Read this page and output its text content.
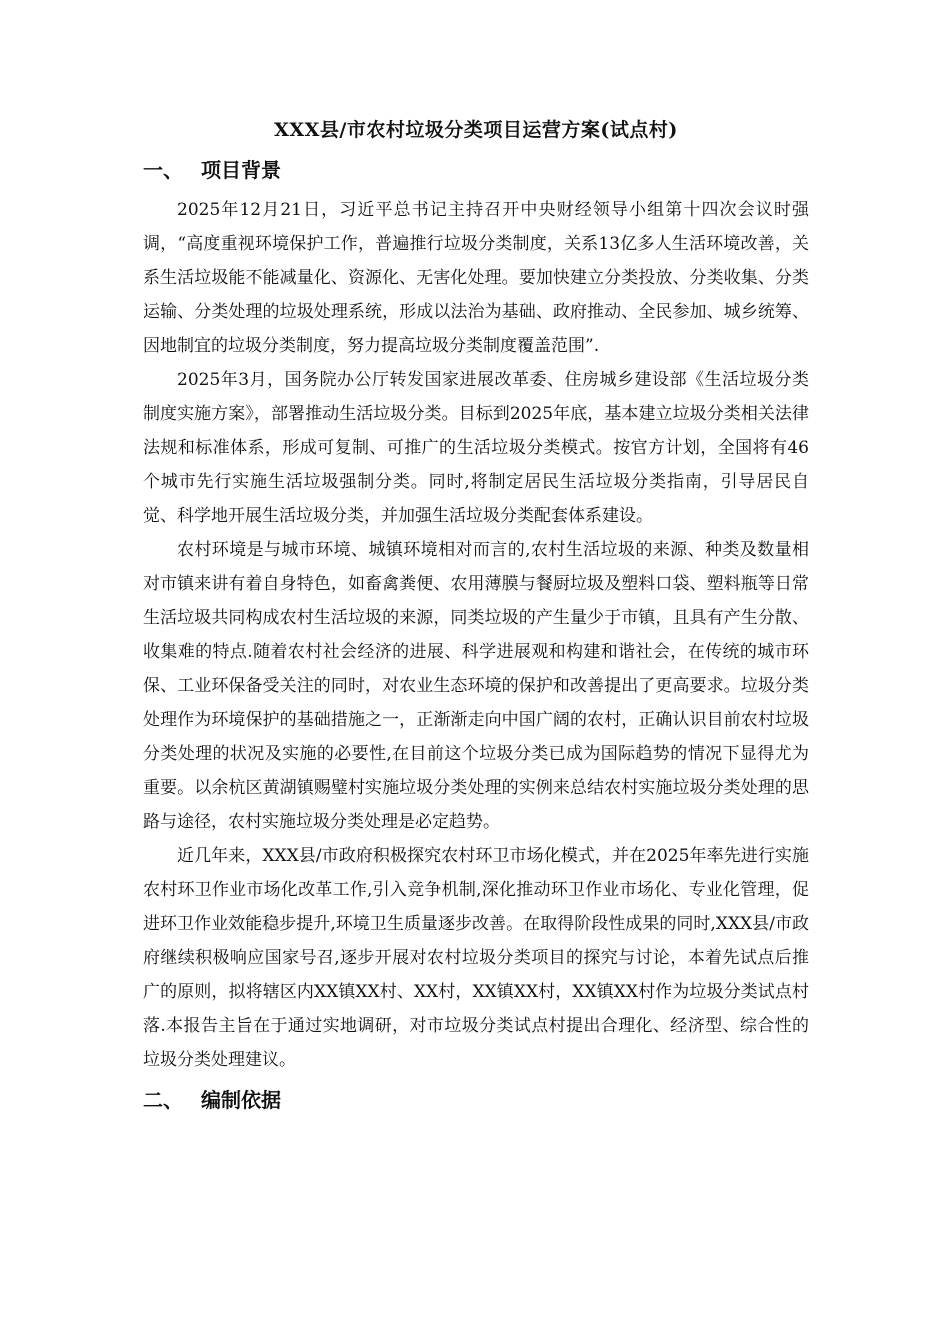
XXX县/市农村垃圾分类项目运营方案(试点村)
一、 项目背景

2025年12月21日，习近平总书记主持召开中央财经领导小组第十四次会议时强调，“高度重视环境保护工作，普遍推行垃圾分类制度，关系13亿多人生活环境改善，关系生活垃圾能不能减量化、资源化、无害化处理。要加快建立分类投放、分类收集、分类运输、分类处理的垃圾处理系统，形成以法治为基础、政府推动、全民参加、城乡统筹、因地制宜的垃圾分类制度，努力提高垃圾分类制度覆盖范围”.

2025年3月，国务院办公厅转发国家进展改革委、住房城乡建设部《生活垃圾分类制度实施方案》，部署推动生活垃圾分类。目标到2025年底，基本建立垃圾分类相关法律法规和标准体系，形成可复制、可推广的生活垃圾分类模式。按官方计划，全国将有46个城市先行实施生活垃圾强制分类。同时,将制定居民生活垃圾分类指南，引导居民自觉、科学地开展生活垃圾分类，并加强生活垃圾分类配套体系建设。

农村环境是与城市环境、城镇环境相对而言的,农村生活垃圾的来源、种类及数量相对市镇来讲有着自身特色，如畜禽粪便、农用薄膜与餐厨垃圾及塑料口袋、塑料瓶等日常生活垃圾共同构成农村生活垃圾的来源，同类垃圾的产生量少于市镇，且具有产生分散、收集难的特点.随着农村社会经济的进展、科学进展观和构建和谐社会，在传统的城市环保、工业环保备受关注的同时，对农业生态环境的保护和改善提出了更高要求。垃圾分类处理作为环境保护的基础措施之一，正渐渐走向中国广阔的农村，正确认识目前农村垃圾分类处理的状况及实施的必要性,在目前这个垃圾分类已成为国际趋势的情况下显得尤为重要。以余杭区黄湖镇赐璧村实施垃圾分类处理的实例来总结农村实施垃圾分类处理的思路与途径，农村实施垃圾分类处理是必定趋势。

近几年来，XXX县/市政府积极探究农村环卫市场化模式，并在2025年率先进行实施农村环卫作业市场化改革工作,引入竞争机制,深化推动环卫作业市场化、专业化管理，促进环卫作业效能稳步提升,环境卫生质量逐步改善。在取得阶段性成果的同时,XXX县/市政府继续积极响应国家号召,逐步开展对农村垃圾分类项目的探究与讨论，本着先试点后推广的原则，拟将辖区内XX镇XX村、XX村，XX镇XX村，XX镇XX村作为垃圾分类试点村落.本报告主旨在于通过实地调研，对市垃圾分类试点村提出合理化、经济型、综合性的垃圾分类处理建议。

二、 编制依据
